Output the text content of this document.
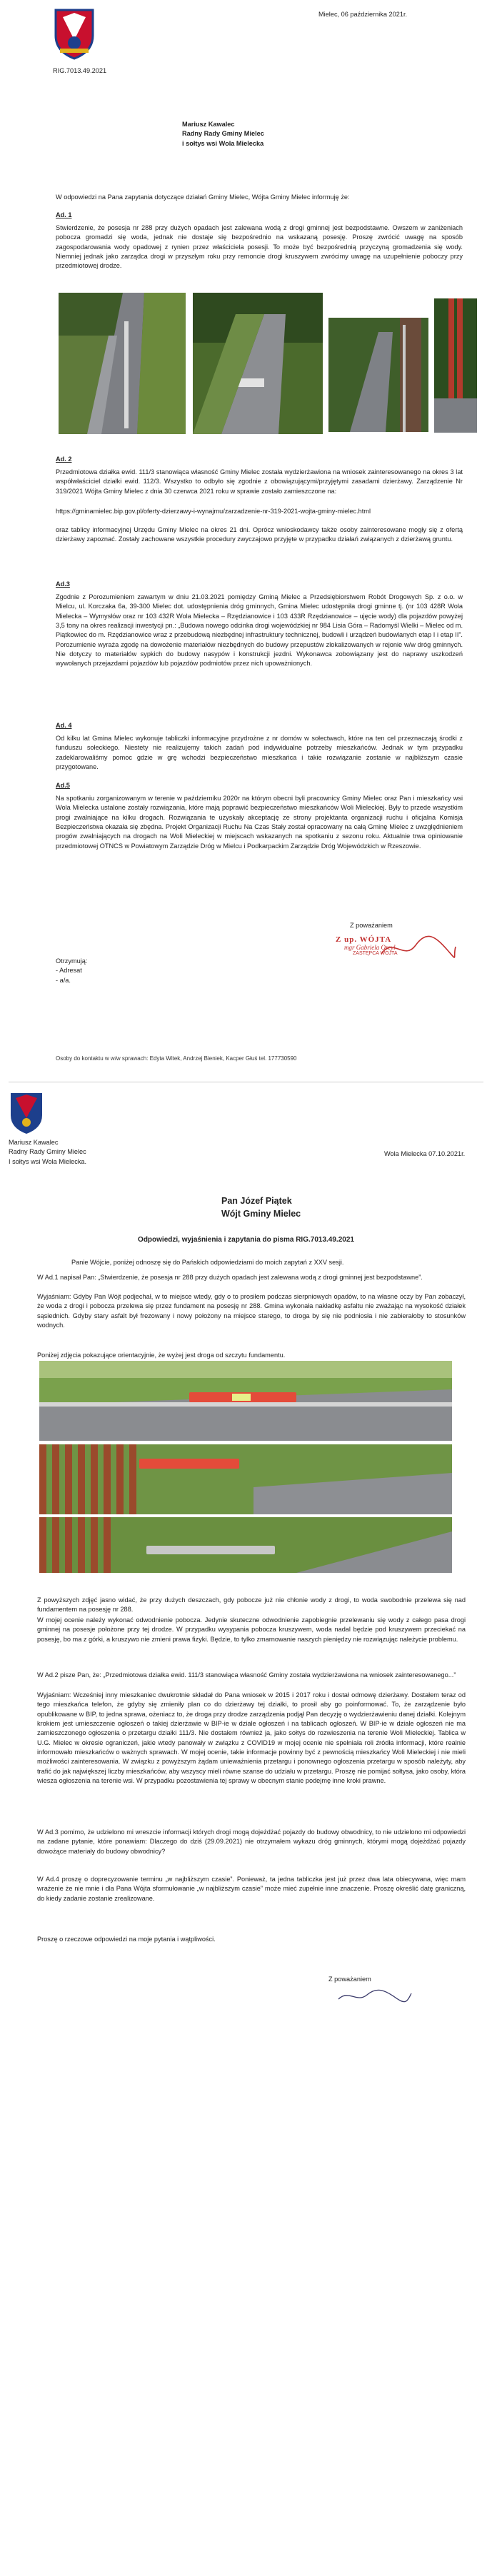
Mielec, 06 października 2021r.
RIG.7013.49.2021
Mariusz Kawalec
Radny Rady Gminy Mielec
i sołtys wsi Wola Mielecka
W odpowiedzi na Pana zapytania dotyczące działań Gminy Mielec, Wójta Gminy Mielec informuję że:
Ad. 1
Stwierdzenie, że posesja nr 288 przy dużych opadach jest zalewana wodą z drogi gminnej jest bezpodstawne. Owszem w zaniżeniach pobocza gromadzi się woda, jednak nie dostaje się bezpośrednio na wskazaną posesję. Proszę zwrócić uwagę na sposób zagospodarowania wody opadowej z rynien przez właściciela posesji. To może być bezpośrednią przyczyną gromadzenia się wody. Niemniej jednak jako zarządca drogi w przyszłym roku przy remoncie drogi kruszywem zwrócimy uwagę na uzupełnienie poboczy przy przedmiotowej drodze.
Ad. 2
Przedmiotowa działka ewid. 111/3 stanowiąca własność Gminy Mielec została wydzierżawiona na wniosek zainteresowanego na okres 3 lat współwłaściciel działki ewid. 112/3. Wszystko to odbyło się zgodnie z obowiązującymi/przyjętymi zasadami dzierżawy. Zarządzenie Nr 319/2021 Wójta Gminy Mielec z dnia 30 czerwca 2021 roku w sprawie zostało zamieszczone na:
https://gminamielec.bip.gov.pl/oferty-dzierzawy-i-wynajmu/zarzadzenie-nr-319-2021-wojta-gminy-mielec.html
oraz tablicy informacyjnej Urzędu Gminy Mielec na okres 21 dni. Oprócz wnioskodawcy także osoby zainteresowane mogły się z ofertą dzierżawy zapoznać. Zostały zachowane wszystkie procedury zwyczajowo przyjęte w przypadku działań związanych z dzierżawą gruntu.
Ad.3
Zgodnie z Porozumieniem zawartym w dniu 21.03.2021 pomiędzy Gminą Mielec a Przedsiębiorstwem Robót Drogowych Sp. z o.o. w Mielcu, ul. Korczaka 6a, 39-300 Mielec dot. udostępnienia dróg gminnych, Gmina Mielec udostępniła drogi gminne tj. (nr 103 428R Wola Mielecka – Wymysłów oraz nr 103 432R Wola Mielecka – Rzędzianowice i 103 433R Rzędzianowice – ujęcie wody) dla pojazdów powyżej 3,5 tony na okres realizacji inwestycji pn.: „Budowa nowego odcinka drogi wojewódzkiej nr 984 Lisia Góra – Radomyśl Wielki – Mielec od m. Piątkowiec do m. Rzędzianowice wraz z przebudową niezbędnej infrastruktury technicznej, budowli i urządzeń budowlanych etap I i etap II”. Porozumienie wyraża zgodę na dowożenie materiałów niezbędnych do budowy przepustów zlokalizowanych w rejonie w/w dróg gminnych. Nie dotyczy to materiałów sypkich do budowy nasypów i konstrukcji jezdni. Wykonawca zobowiązany jest do naprawy uszkodzeń wywołanych przejazdami pojazdów lub pojazdów podmiotów przez nich upoważnionych.
Ad. 4
Od kilku lat Gmina Mielec wykonuje tabliczki informacyjne przydrożne z nr domów w sołectwach, które na ten cel przeznaczają środki z funduszu sołeckiego. Niestety nie realizujemy takich zadań pod indywidualne potrzeby mieszkańców. Jednak w tym przypadku zadeklarowaliśmy pomoc gdzie w grę wchodzi bezpieczeństwo mieszkańca i takie rozwiązanie zostanie w najbliższym czasie przygotowane.
Ad.5
Na spotkaniu zorganizowanym w terenie w październiku 2020r na którym obecni byli pracownicy Gminy Mielec oraz Pan i mieszkańcy wsi Wola Mielecka ustalone zostały rozwiązania, które mają poprawić bezpieczeństwo mieszkańców Woli Mieleckiej. Były to przede wszystkim progi zwalniające na kilku drogach. Rozwiązania te uzyskały akceptację ze strony projektanta organizacji ruchu i oficjalna Komisja Bezpieczeństwa okazała się zbędna. Projekt Organizacji Ruchu Na Czas Stały został opracowany na całą Gminę Mielec z uwzględnieniem progów zwalniających na drogach na Woli Mieleckiej w miejscach wskazanych na spotkaniu z sezonu roku. Aktualnie trwa opiniowanie przedmiotowej OTNCS w Powiatowym Zarządzie Dróg w Mielcu i Podkarpackim Zarządzie Dróg Wojewódzkich w Rzeszowie.
Z poważaniem
Z up. WÓJTA
mgr Gabriela Oreył
ZASTĘPCA WÓJTA
Otrzymują:
- Adresat
- a/a.
Osoby do kontaktu w w/w sprawach: Edyta Witek, Andrzej Bieniek, Kacper Głuś tel. 177730590
Mariusz Kawalec
Radny Rady Gminy Mielec
I sołtys wsi Wola Mielecka.
Wola Mielecka 07.10.2021r.
Pan Józef Piątek
Wójt Gminy Mielec
Odpowiedzi, wyjaśnienia i zapytania do pisma RIG.7013.49.2021
Panie Wójcie, poniżej odnoszę się do Pańskich odpowiedziami do moich zapytań z XXV sesji.
W Ad.1 napisał Pan: „Stwierdzenie, że posesja nr 288 przy dużych opadach jest zalewana wodą z drogi gminnej jest bezpodstawne”.
Wyjaśniam: Gdyby Pan Wójt podjechał, w to miejsce wtedy, gdy o to prosiłem podczas sierpniowych opadów, to na własne oczy by Pan zobaczył, że woda z drogi i pobocza przelewa się przez fundament na posesję nr 288. Gmina wykonała nakładkę asfaltu nie zważając na wysokość działek sąsiednich. Gdyby stary asfalt był frezowany i nowy położony na miejsce starego, to droga by się nie podniosła i nie zabierałoby to stosunków wodnych.
Poniżej zdjęcia pokazujące orientacyjnie, że wyżej jest droga od szczytu fundamentu.
Z powyższych zdjęć jasno widać, że przy dużych deszczach, gdy pobocze już nie chłonie wody z drogi, to woda swobodnie przelewa się nad fundamentem na posesję nr 288.
W mojej ocenie należy wykonać odwodnienie pobocza. Jedynie skuteczne odwodnienie zapobiegnie przelewaniu się wody z całego pasa drogi gminnej na posesje położone przy tej drodze. W przypadku wysypania pobocza kruszywem, woda nadal będzie pod kruszywem przeciekać na posesję, bo ma z górki, a kruszywo nie zmieni prawa fizyki. Będzie, to tylko zmarnowanie naszych pieniędzy nie rozwiązując należycie problemu.
W Ad.2 pisze Pan, że: „Przedmiotowa działka ewid. 111/3 stanowiąca własność Gminy została wydzierżawiona na wniosek zainteresowanego...”
Wyjaśniam: Wcześniej inny mieszkaniec dwukrotnie składał do Pana wniosek w 2015 i 2017 roku i dostał odmowę dzierżawy. Dostałem teraz od tego mieszkańca telefon, że gdyby się zmieniły plan co do dzierżawy tej działki, to prosił aby go poinformować. To, że zarządzenie było opublikowane w BIP, to jedna sprawa, ożeniacz to, że droga przy drodze zarządzenia podjął Pan decyzję o wydzierżawieniu danej działki. Kolejnym krokiem jest umieszczenie ogłoszeń o takiej dzierżawie w BIP-ie w dziale ogłoszeń i na tablicach ogłoszeń. W BIP-ie w dziale ogłoszeń nie ma zamieszczonego ogłoszenia o przetargu działki 111/3. Nie dostałem również ja, jako sołtys do rozwieszenia na terenie Woli Mieleckiej. Tablica w U.G. Mielec w okresie ograniczeń, jakie wtedy panowały w związku z COVID19 w mojej ocenie nie spełniała roli źródła informacji, które realnie informowało mieszkańców o ważnych sprawach. W mojej ocenie, takie informacje powinny być z pewnością mieszkańcy Woli Mieleckiej i nie mieli możliwości zainteresowania. W związku z powyższym żądam unieważnienia przetargu i ponownego ogłoszenia przetargu w sposób należyty, aby trafić do jak największej liczby mieszkańców, aby wszyscy mieli równe szanse do udziału w przetargu. Proszę nie pomijać sołtysa, jako osoby, która wiesza ogłoszenia na terenie wsi. W przypadku pozostawienia tej sprawy w obecnym stanie podejmę inne kroki prawne.
W Ad.3 pomimo, że udzielono mi wreszcie informacji których drogi mogą dojeżdżać pojazdy do budowy obwodnicy, to nie udzielono mi odpowiedzi na zadane pytanie, które ponawiam: Dlaczego do dziś (29.09.2021) nie otrzymałem wykazu dróg gminnych, którymi mogą dojeżdżać pojazdy dowożące materiały do budowy obwodnicy?
W Ad.4 proszę o doprecyzowanie terminu „w najbliższym czasie”. Ponieważ, ta jedna tabliczka jest już przez dwa lata obiecywana, więc mam wrażenie że nie mnie i dla Pana Wójta sformułowanie „w najbliższym czasie” może mieć zupełnie inne znaczenie. Proszę określić datę graniczną, do kiedy zadanie zostanie zrealizowane.
Proszę o rzeczowe odpowiedzi na moje pytania i wątpliwości.
Z poważaniem
